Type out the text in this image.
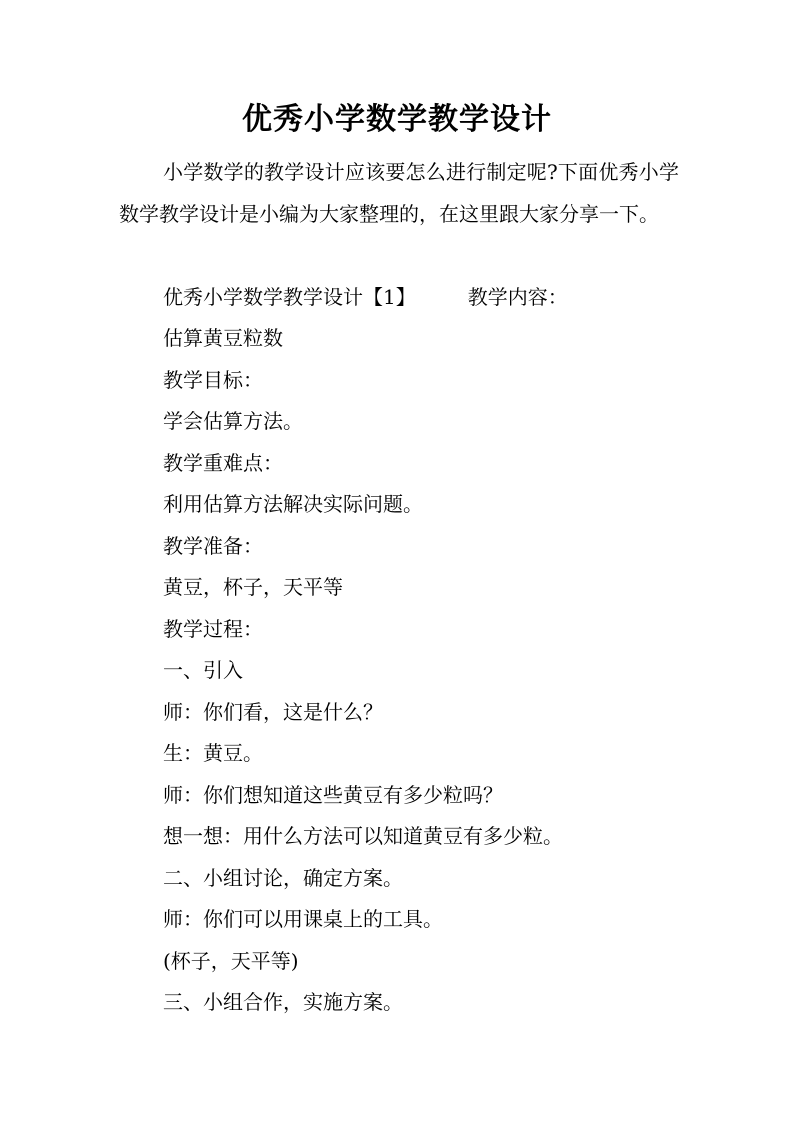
优秀小学数学教学设计
小学数学的教学设计应该要怎么进行制定呢?下面优秀小学数学教学设计是小编为大家整理的，在这里跟大家分享一下。
优秀小学数学教学设计【1】	教学内容：
估算黄豆粒数
教学目标：
学会估算方法。
教学重难点：
利用估算方法解决实际问题。
教学准备：
黄豆，杯子，天平等
教学过程：
一、引入
师：你们看，这是什么？
生：黄豆。
师：你们想知道这些黄豆有多少粒吗？
想一想：用什么方法可以知道黄豆有多少粒。
二、小组讨论，确定方案。
师：你们可以用课桌上的工具。
(杯子，天平等)
三、小组合作，实施方案。
